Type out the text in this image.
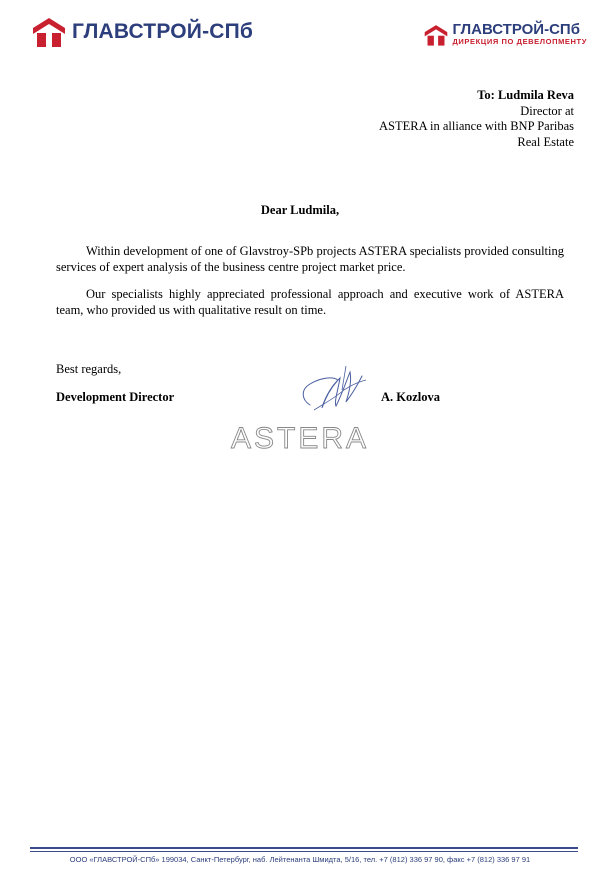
ГЛАВСТРОЙ-СПб	ГЛАВСТРОЙ-СПб
ДИРЕКЦИЯ ПО ДЕВЕЛОПМЕНТУ
To: Ludmila Reva
Director at
ASTERA in alliance with BNP Paribas
Real Estate
Dear Ludmila,

Within development of one of Glavstroy-SPb projects ASTERA specialists provided consulting services of expert analysis of the business centre project market price.

Our specialists highly appreciated professional approach and executive work of ASTERA team, who provided us with qualitative result on time.

Best regards,
Development Director
ASTERA
A. Kozlova
ООО «ГЛАВСТРОЙ-СПб» 199034, Санкт-Петербург, наб. Лейтенанта Шмидта, 5/16, тел. +7 (812) 336 97 90, факс +7 (812) 336 97 91
